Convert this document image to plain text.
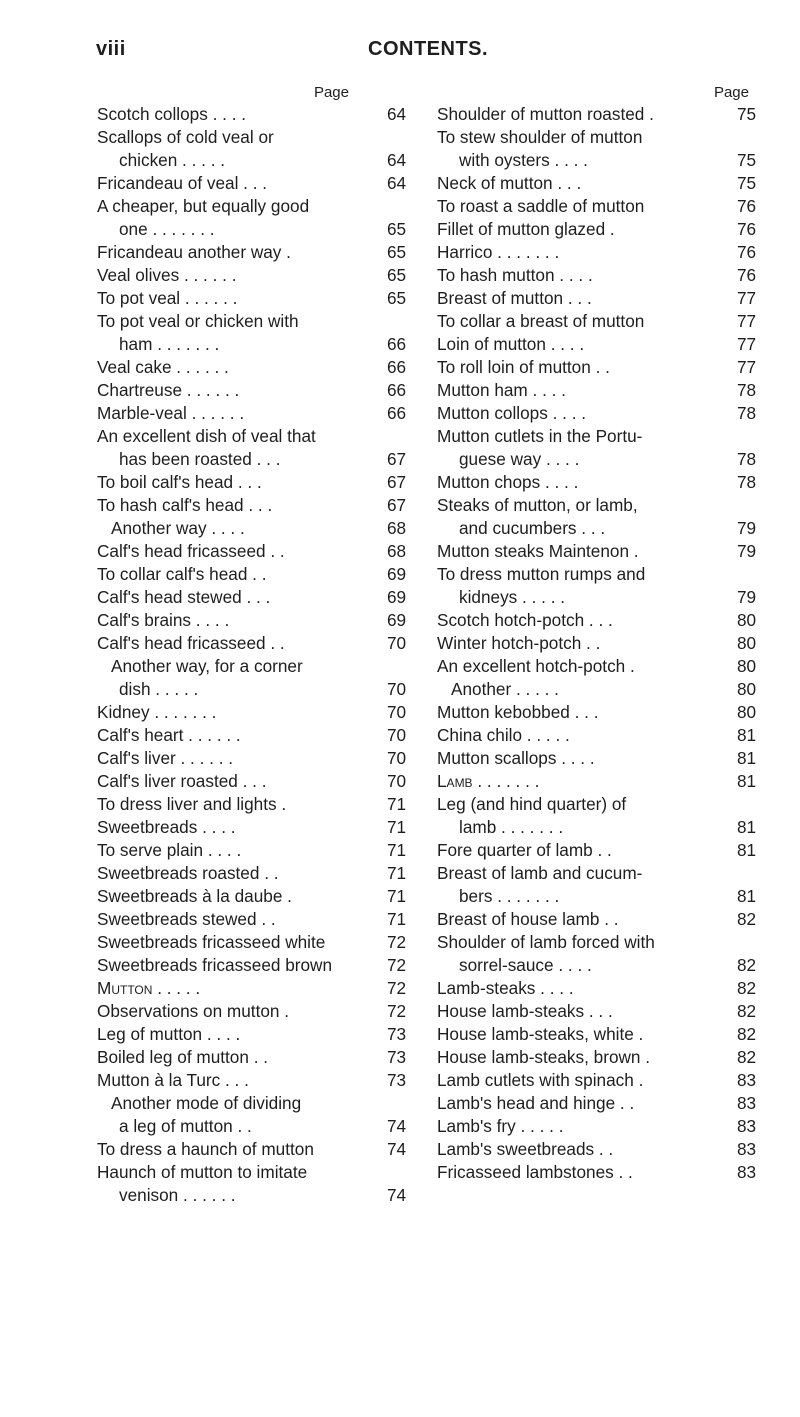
viii	CONTENTS.
Page
Scotch collops . . . .	64
Scallops of cold veal or
chicken . . . . .	64
Fricandeau of veal . . .	64
A cheaper, but equally good
one . . . . . . .	65
Fricandeau another way .	65
Veal olives . . . . . .	65
To pot veal . . . . . .	65
To pot veal or chicken with
ham . . . . . . .	66
Veal cake . . . . . .	66
Chartreuse . . . . . .	66
Marble-veal . . . . . .	66
An excellent dish of veal that
has been roasted . . .	67
To boil calf's head . . .	67
To hash calf's head . . .	67
Another way . . . .	68
Calf's head fricasseed . .	68
To collar calf's head . .	69
Calf's head stewed . . .	69
Calf's brains . . . .	69
Calf's head fricasseed . .	70
Another way, for a corner
dish . . . . .	70
Kidney . . . . . . .	70
Calf's heart . . . . . .	70
Calf's liver . . . . . .	70
Calf's liver roasted . . .	70
To dress liver and lights .	71
Sweetbreads . . . .	71
To serve plain . . . .	71
Sweetbreads roasted . .	71
Sweetbreads à la daube .	71
Sweetbreads stewed . .	71
Sweetbreads fricasseed white	72
Sweetbreads fricasseed brown	72
Mutton . . . . .	72
Observations on mutton .	72
Leg of mutton . . . .	73
Boiled leg of mutton . .	73
Mutton à la Turc . . .	73
Another mode of dividing
a leg of mutton . .	74
To dress a haunch of mutton	74
Haunch of mutton to imitate
venison . . . . . .	74
Page
Shoulder of mutton roasted .	75
To stew shoulder of mutton
with oysters . . . .	75
Neck of mutton . . .	75
To roast a saddle of mutton	76
Fillet of mutton glazed .	76
Harrico . . . . . . .	76
To hash mutton . . . .	76
Breast of mutton . . .	77
To collar a breast of mutton	77
Loin of mutton . . . .	77
To roll loin of mutton . .	77
Mutton ham . . . .	78
Mutton collops . . . .	78
Mutton cutlets in the Portu-
guese way . . . .	78
Mutton chops . . . .	78
Steaks of mutton, or lamb,
and cucumbers . . .	79
Mutton steaks Maintenon .	79
To dress mutton rumps and
kidneys . . . . .	79
Scotch hotch-potch . . .	80
Winter hotch-potch . .	80
An excellent hotch-potch .	80
Another . . . . .	80
Mutton kebobbed . . .	80
China chilo . . . . .	81
Mutton scallops . . . .	81
Lamb . . . . . . .	81
Leg (and hind quarter) of
lamb . . . . . . .	81
Fore quarter of lamb . .	81
Breast of lamb and cucum-
bers . . . . . . .	81
Breast of house lamb . .	82
Shoulder of lamb forced with
sorrel-sauce . . . .	82
Lamb-steaks . . . .	82
House lamb-steaks . . .	82
House lamb-steaks, white .	82
House lamb-steaks, brown .	82
Lamb cutlets with spinach .	83
Lamb's head and hinge . .	83
Lamb's fry . . . . .	83
Lamb's sweetbreads . .	83
Fricasseed lambstones . .	83
